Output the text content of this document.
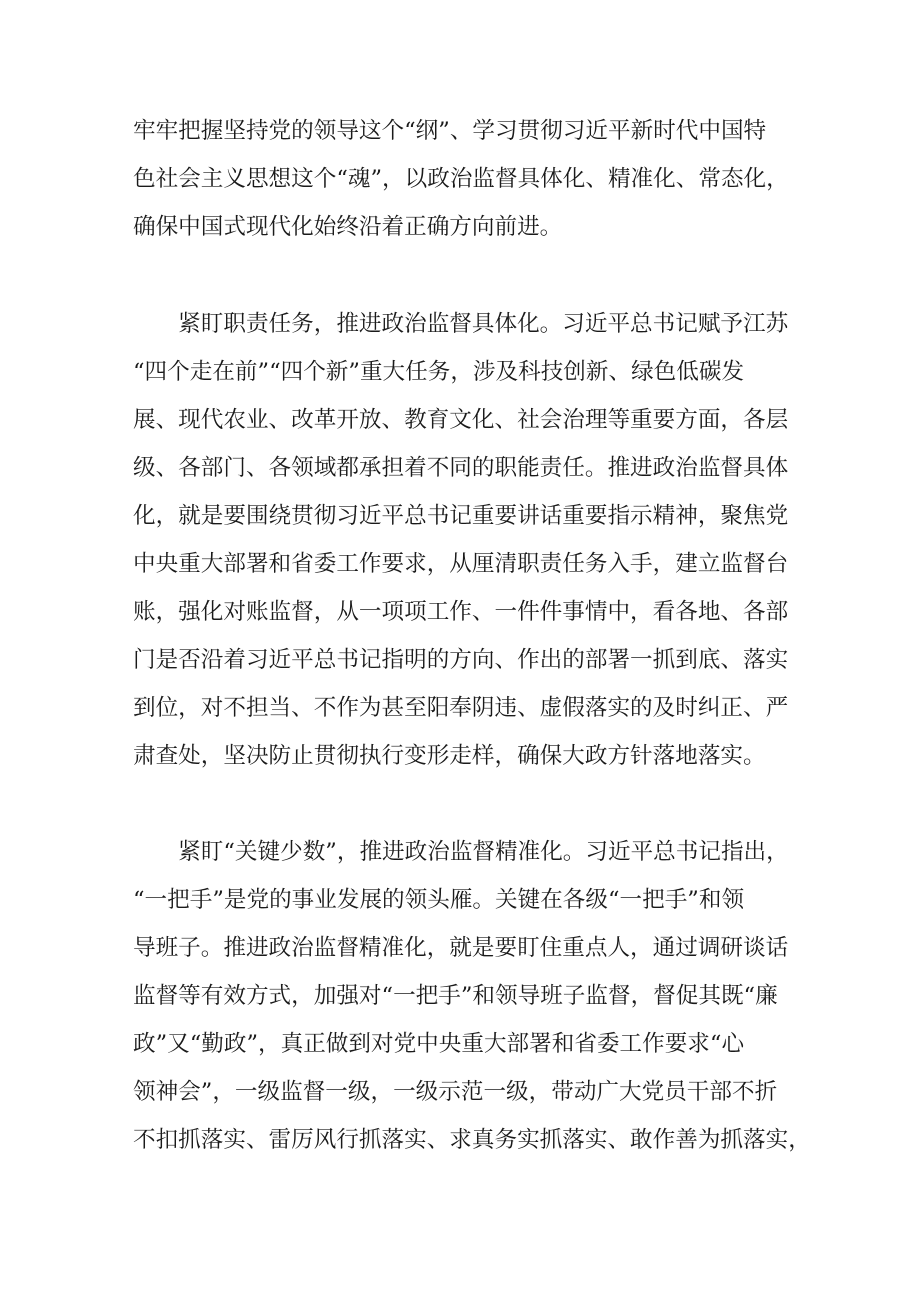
牢牢把握坚持党的领导这个“纲”、学习贯彻习近平新时代中国特
色社会主义思想这个“魂”，以政治监督具体化、精准化、常态化，
确保中国式现代化始终沿着正确方向前进。
　　紧盯职责任务，推进政治监督具体化。习近平总书记赋予江苏
“四个走在前”“四个新”重大任务，涉及科技创新、绿色低碳发
展、现代农业、改革开放、教育文化、社会治理等重要方面，各层
级、各部门、各领域都承担着不同的职能责任。推进政治监督具体
化，就是要围绕贯彻习近平总书记重要讲话重要指示精神，聚焦党
中央重大部署和省委工作要求，从厘清职责任务入手，建立监督台
账，强化对账监督，从一项项工作、一件件事情中，看各地、各部
门是否沿着习近平总书记指明的方向、作出的部署一抓到底、落实
到位，对不担当、不作为甚至阳奉阴违、虚假落实的及时纠正、严
肃查处，坚决防止贯彻执行变形走样，确保大政方针落地落实。
　　紧盯“关键少数”，推进政治监督精准化。习近平总书记指出，
“一把手”是党的事业发展的领头雁。关键在各级“一把手”和领
导班子。推进政治监督精准化，就是要盯住重点人，通过调研谈话
监督等有效方式，加强对“一把手”和领导班子监督，督促其既“廉
政”又“勤政”，真正做到对党中央重大部署和省委工作要求“心
领神会”，一级监督一级，一级示范一级，带动广大党员干部不折
不扣抓落实、雷厉风行抓落实、求真务实抓落实、敢作善为抓落实，
